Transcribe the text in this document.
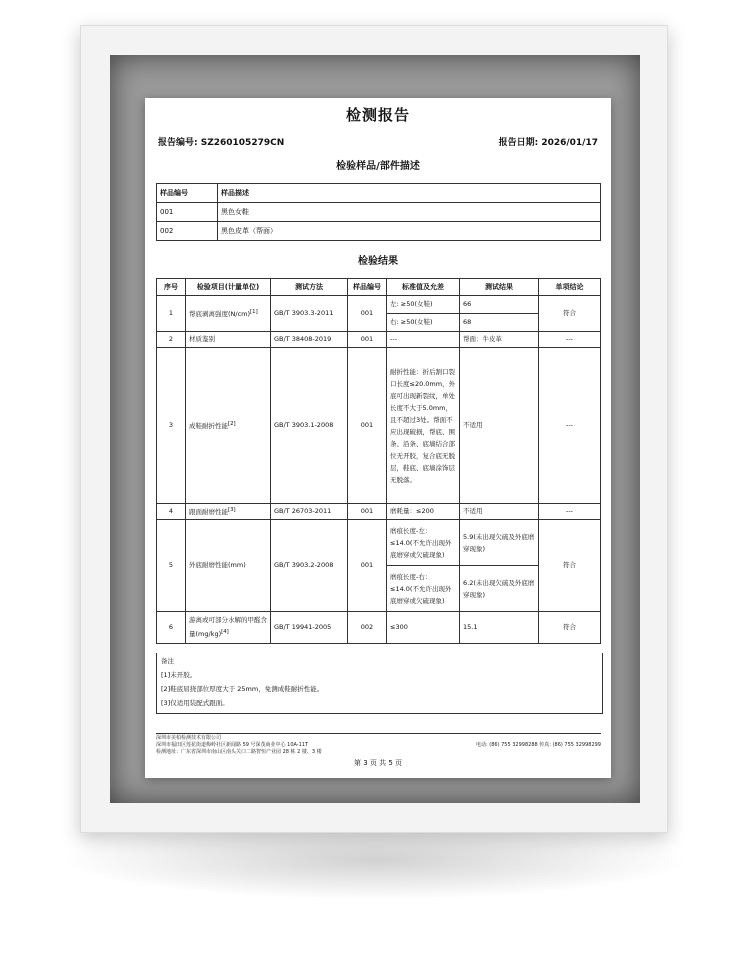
检测报告
报告编号: SZ260105279CN	报告日期: 2026/01/17
检验样品/部件描述
样品编号	样品描述
001	黑色女鞋
002	黑色皮革（帮面）
检验结果
序号	检验项目(计量单位)	测试方法	样品编号	标准值及允差	测试结果	单项结论
1	帮底剥离强度(N/cm)[1]	GB/T 3903.3-2011	001	左: ≥50(女鞋)	66	符合
				右: ≥50(女鞋)	68	
2	材质鉴别	GB/T 38408-2019	001	---	帮面：牛皮革	---
3	成鞋耐折性能[2]	GB/T 3903.1-2008	001	耐折性能：折后割口裂口长度≤20.0mm，外底可出现新裂纹，单处长度不大于5.0mm，且不超过3处。帮面不应出现破损，帮底、围条、沿条、底墙结合部位无开胶，复合底无脱层，鞋底、底墙涂饰层无脱落。	不适用	---
4	跟面耐磨性能[3]	GB/T 26703-2011	001	磨耗量：≤200	不适用	---
5	外底耐磨性能(mm)	GB/T 3903.2-2008	001	磨痕长度-左：≤14.0(不允许出现外底磨穿或欠硫现象)	5.9(未出现欠硫及外底磨穿现象)	符合
				磨痕长度-右：≤14.0(不允许出现外底磨穿或欠硫现象)	6.2(未出现欠硫及外底磨穿现象)	
6	游离或可部分水解的甲醛含量(mg/kg)[4]	GB/T 19941-2005	002	≤300	15.1	符合
备注
[1]未开胶。
[2]鞋底屈挠部位厚度大于 25mm，免测成鞋耐折性能。
[3]仅适用装配式跟面。
深圳市美柏检测技术有限公司
深圳市福田区莲花街道梅岭社区新闻路 59 号深茂商业中心 10A-11T
检测地址：广东省深圳市南山区南头关口二路智恒产业园 28 栋 2 楼、3 楼
电话: (86) 755 32998288 传真: (86) 755 32998299
第 3 页 共 5 页
